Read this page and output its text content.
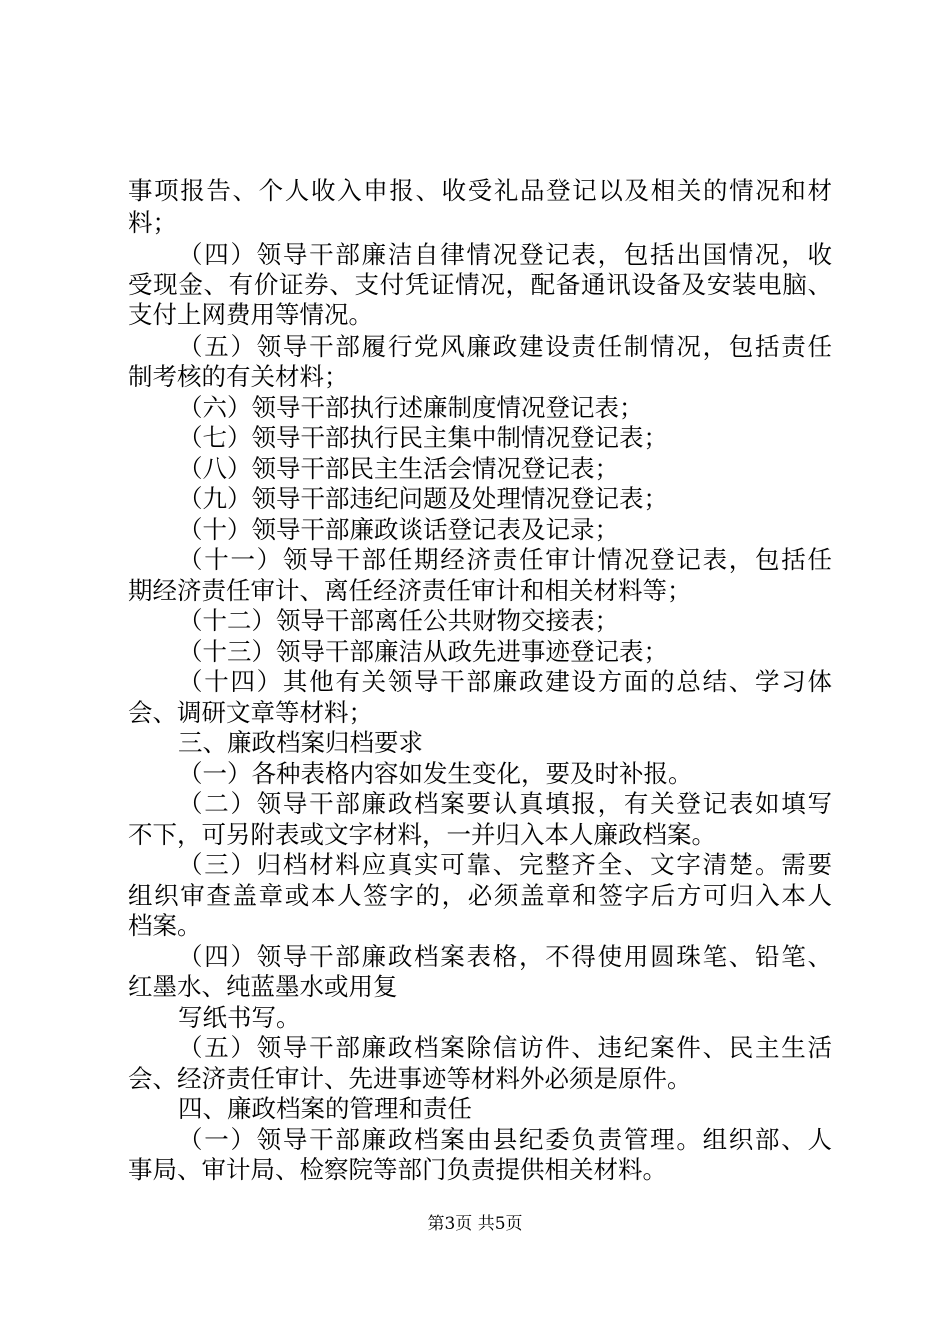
事项报告、个人收入申报、收受礼品登记以及相关的情况和材
料；
（四）领导干部廉洁自律情况登记表，包括出国情况，收
受现金、有价证券、支付凭证情况，配备通讯设备及安装电脑、
支付上网费用等情况。
（五）领导干部履行党风廉政建设责任制情况，包括责任
制考核的有关材料；
（六）领导干部执行述廉制度情况登记表；
（七）领导干部执行民主集中制情况登记表；
（八）领导干部民主生活会情况登记表；
（九）领导干部违纪问题及处理情况登记表；
（十）领导干部廉政谈话登记表及记录；
（十一）领导干部任期经济责任审计情况登记表，包括任
期经济责任审计、离任经济责任审计和相关材料等；
（十二）领导干部离任公共财物交接表；
（十三）领导干部廉洁从政先进事迹登记表；
（十四）其他有关领导干部廉政建设方面的总结、学习体
会、调研文章等材料；
三、廉政档案归档要求
（一）各种表格内容如发生变化，要及时补报。
（二）领导干部廉政档案要认真填报，有关登记表如填写
不下，可另附表或文字材料，一并归入本人廉政档案。
（三）归档材料应真实可靠、完整齐全、文字清楚。需要
组织审查盖章或本人签字的，必须盖章和签字后方可归入本人
档案。
（四）领导干部廉政档案表格，不得使用圆珠笔、铅笔、
红墨水、纯蓝墨水或用复
写纸书写。
（五）领导干部廉政档案除信访件、违纪案件、民主生活
会、经济责任审计、先进事迹等材料外必须是原件。
四、廉政档案的管理和责任
（一）领导干部廉政档案由县纪委负责管理。组织部、人
事局、审计局、检察院等部门负责提供相关材料。
第3页 共5页
